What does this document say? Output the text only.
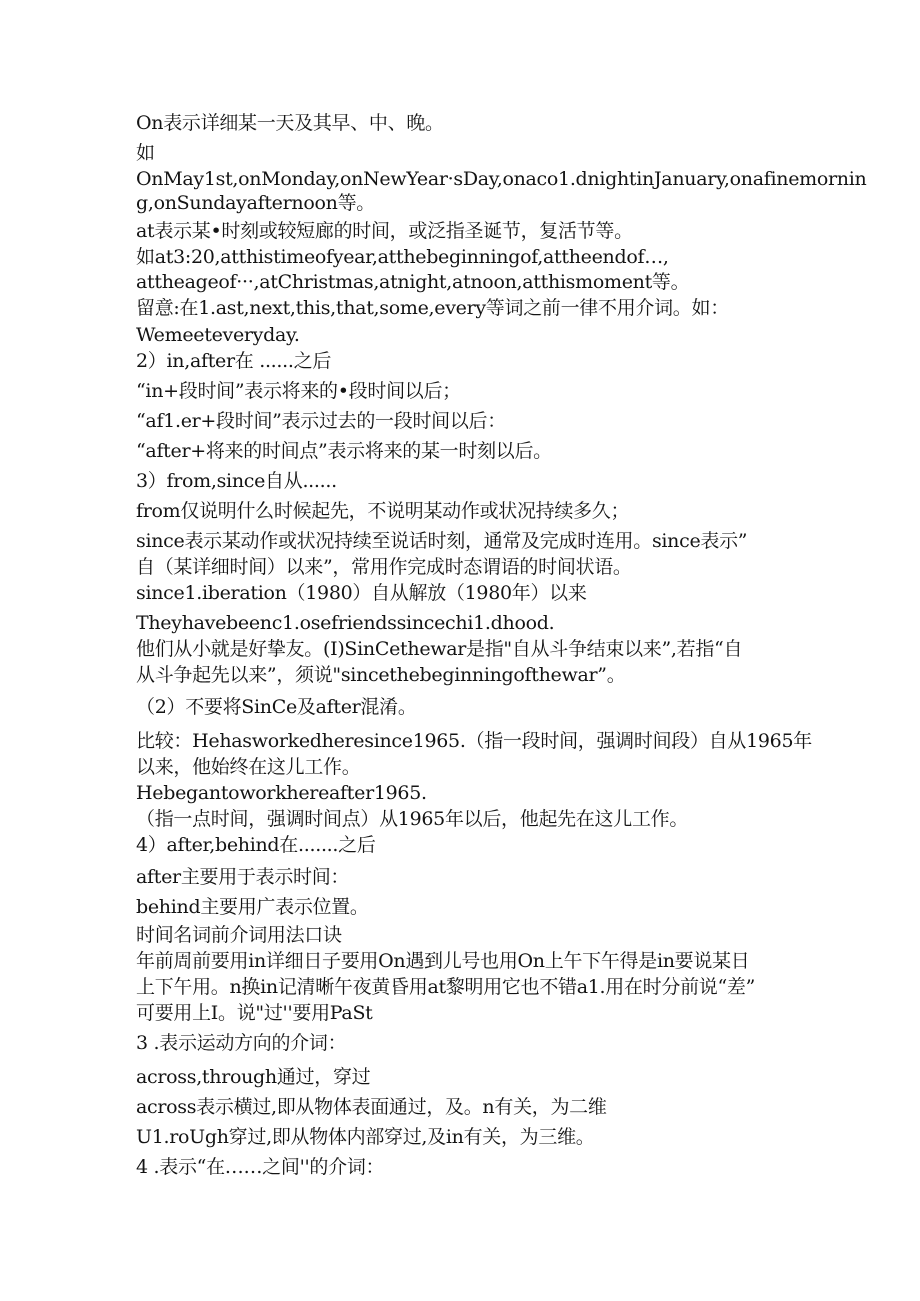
On表示详细某一天及其早、中、晚。
如
OnMay1st,onMonday,onNewYear·sDay,onaco1.dnightinJanuary,onafinemornin
g,onSundayafternoon等。
at表示某•时刻或较短廊的时间，或泛指圣诞节，复活节等。
如at3:20,atthistimeofyear,atthebeginningof,attheendof…,
attheageof···,atChristmas,atnight,atnoon,atthismoment等。
留意:在1.ast,next,this,that,some,every等词之前一律不用介词。如：
Wemeeteveryday.
2）in,after在 ......之后
“in+段时间”表示将来的•段时间以后；
“af1.er+段时间”表示过去的一段时间以后：
“after+将来的时间点”表示将来的某一时刻以后。
3）from,since自从......
from仅说明什么时候起先，不说明某动作或状况持续多久；
since表示某动作或状况持续至说话时刻，通常及完成时连用。since表示”
自（某详细时间）以来”，常用作完成时态谓语的时间状语。
since1.iberation（1980）自从解放（1980年）以来
Theyhavebeenc1.osefriendssincechi1.dhood.
他们从小就是好挚友。(I)SinCethewar是指"自从斗争结束以来”,若指“自
从斗争起先以来”，须说"sincethebeginningofthewar”。
（2）不要将SinCe及after混淆。
比较：Hehasworkedheresince1965.（指一段时间，强调时间段）自从1965年
以来，他始终在这儿工作。
Hebegantoworkhereafter1965.
（指一点时间，强调时间点）从1965年以后，他起先在这儿工作。
4）after,behind在.......之后
after主要用于表示时间：
behind主要用广表示位置。
时间名词前介词用法口诀
年前周前要用in详细日子要用On遇到儿号也用On上午下午得是in要说某日
上下午用。n换in记清晰午夜黄昏用at黎明用它也不错a1.用在时分前说“差”
可要用上I。说"过''要用PaSt
3 .表示运动方向的介词：
across,through通过，穿过
across表示横过,即从物体表面通过，及。n有关，为二维
U1.roUgh穿过,即从物体内部穿过,及in有关，为三维。
4 .表示“在……之间''的介词：
